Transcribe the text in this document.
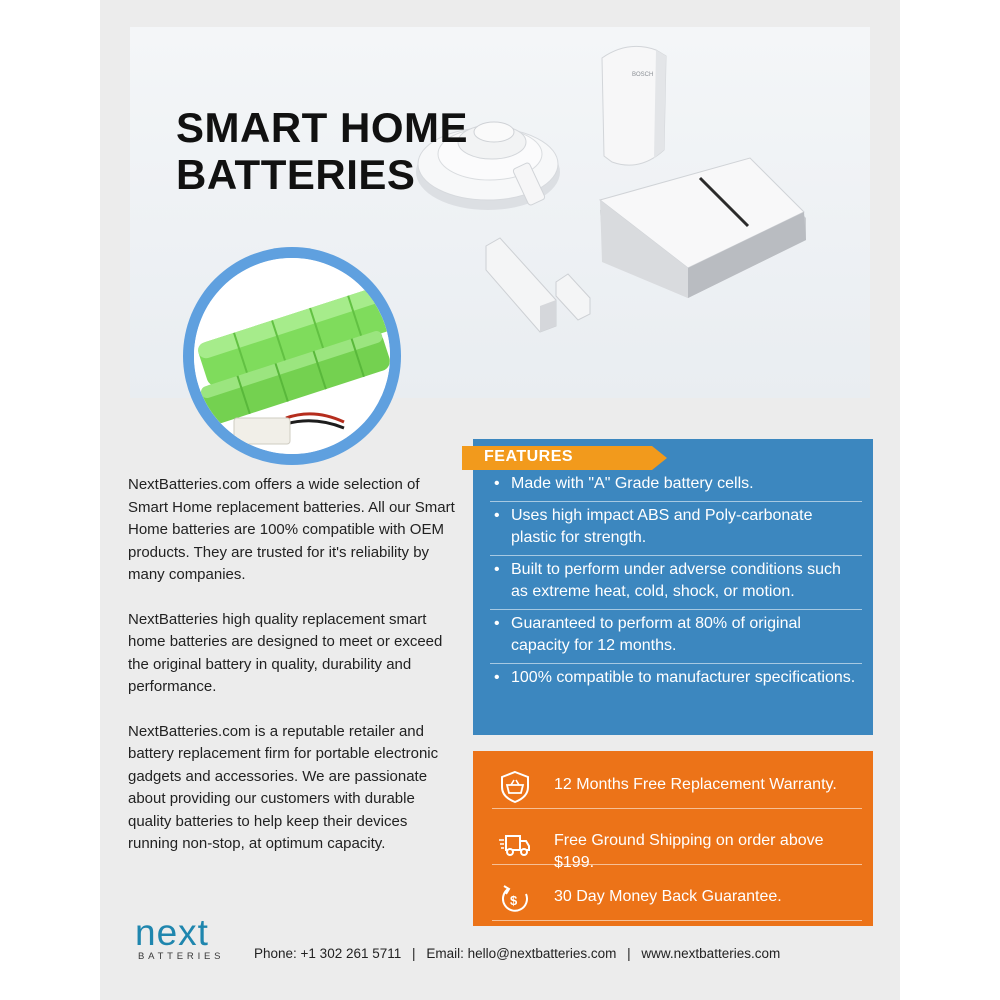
BOSCH
SMART HOME
BATTERIES

NextBatteries.com offers a wide selection of Smart Home replacement batteries. All our Smart Home batteries are 100% compatible with OEM products. They are trusted for it's reliability by many companies.

NextBatteries high quality replacement smart home batteries are designed to meet or exceed the original battery in quality, durability and performance.

NextBatteries.com is a reputable retailer and battery replacement firm for portable electronic gadgets and accessories. We are passionate about providing our customers with durable quality batteries to help keep their devices running non-stop, at optimum capacity.

FEATURES
• Made with "A" Grade battery cells.
• Uses high impact ABS and Poly-carbonate plastic for strength.
• Built to perform under adverse conditions such as extreme heat, cold, shock, or motion.
• Guaranteed to perform at 80% of original capacity for 12 months.
• 100% compatible to manufacturer specifications.
12 Months Free Replacement Warranty.
Free Ground Shipping on order above $199.
$ 30 Day Money Back Guarantee.
next
BATTERIES Phone: +1 302 261 5711 | Email: hello@nextbatteries.com | www.nextbatteries.com
